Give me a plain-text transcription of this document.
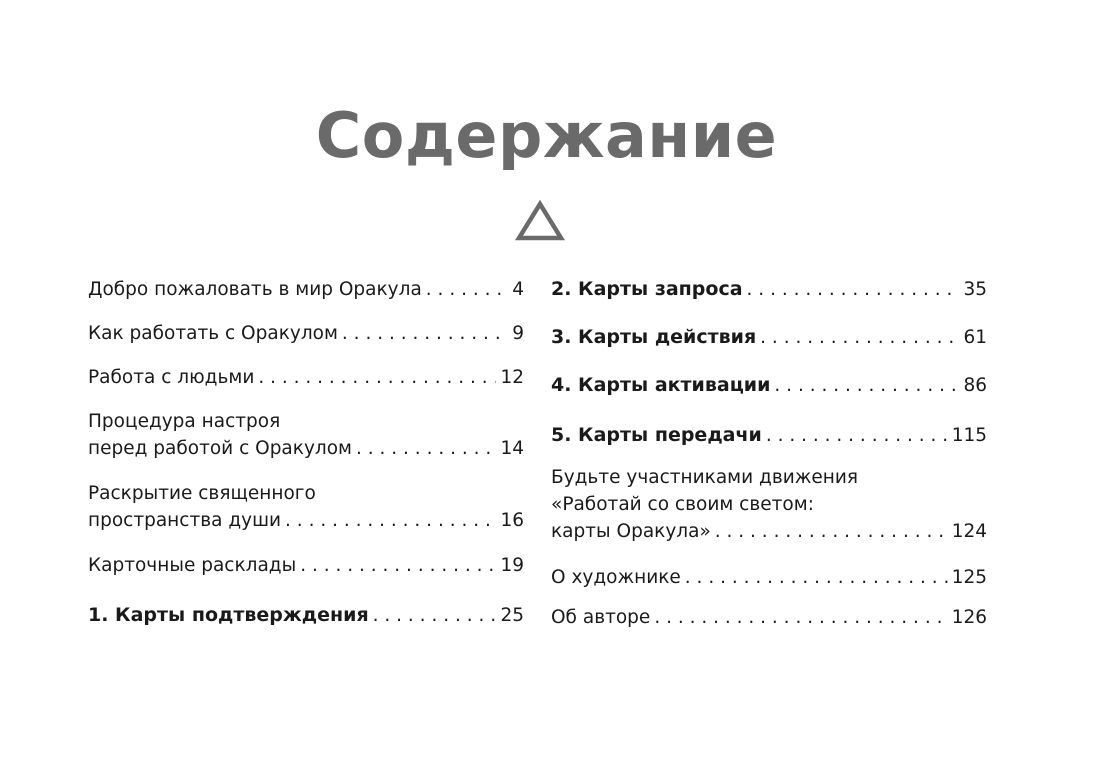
Содержание
Добро пожаловать в мир Оракула . . .	4
Как работать с Оракулом . . .	9
Работа с людьми . . .	12
Процедура настроя
перед работой с Оракулом . . .	14
Раскрытие священного
пространства души . . .	16
Карточные расклады . . .	19
1. Карты подтверждения . . .	25
2. Карты запроса . . .	35
3. Карты действия . . .	61
4. Карты активации . . .	86
5. Карты передачи . . .	115
Будьте участниками движения
«Работай со своим светом:
карты Оракула» . . .	124
О художнике . . .	125
Об авторе . . .	126
